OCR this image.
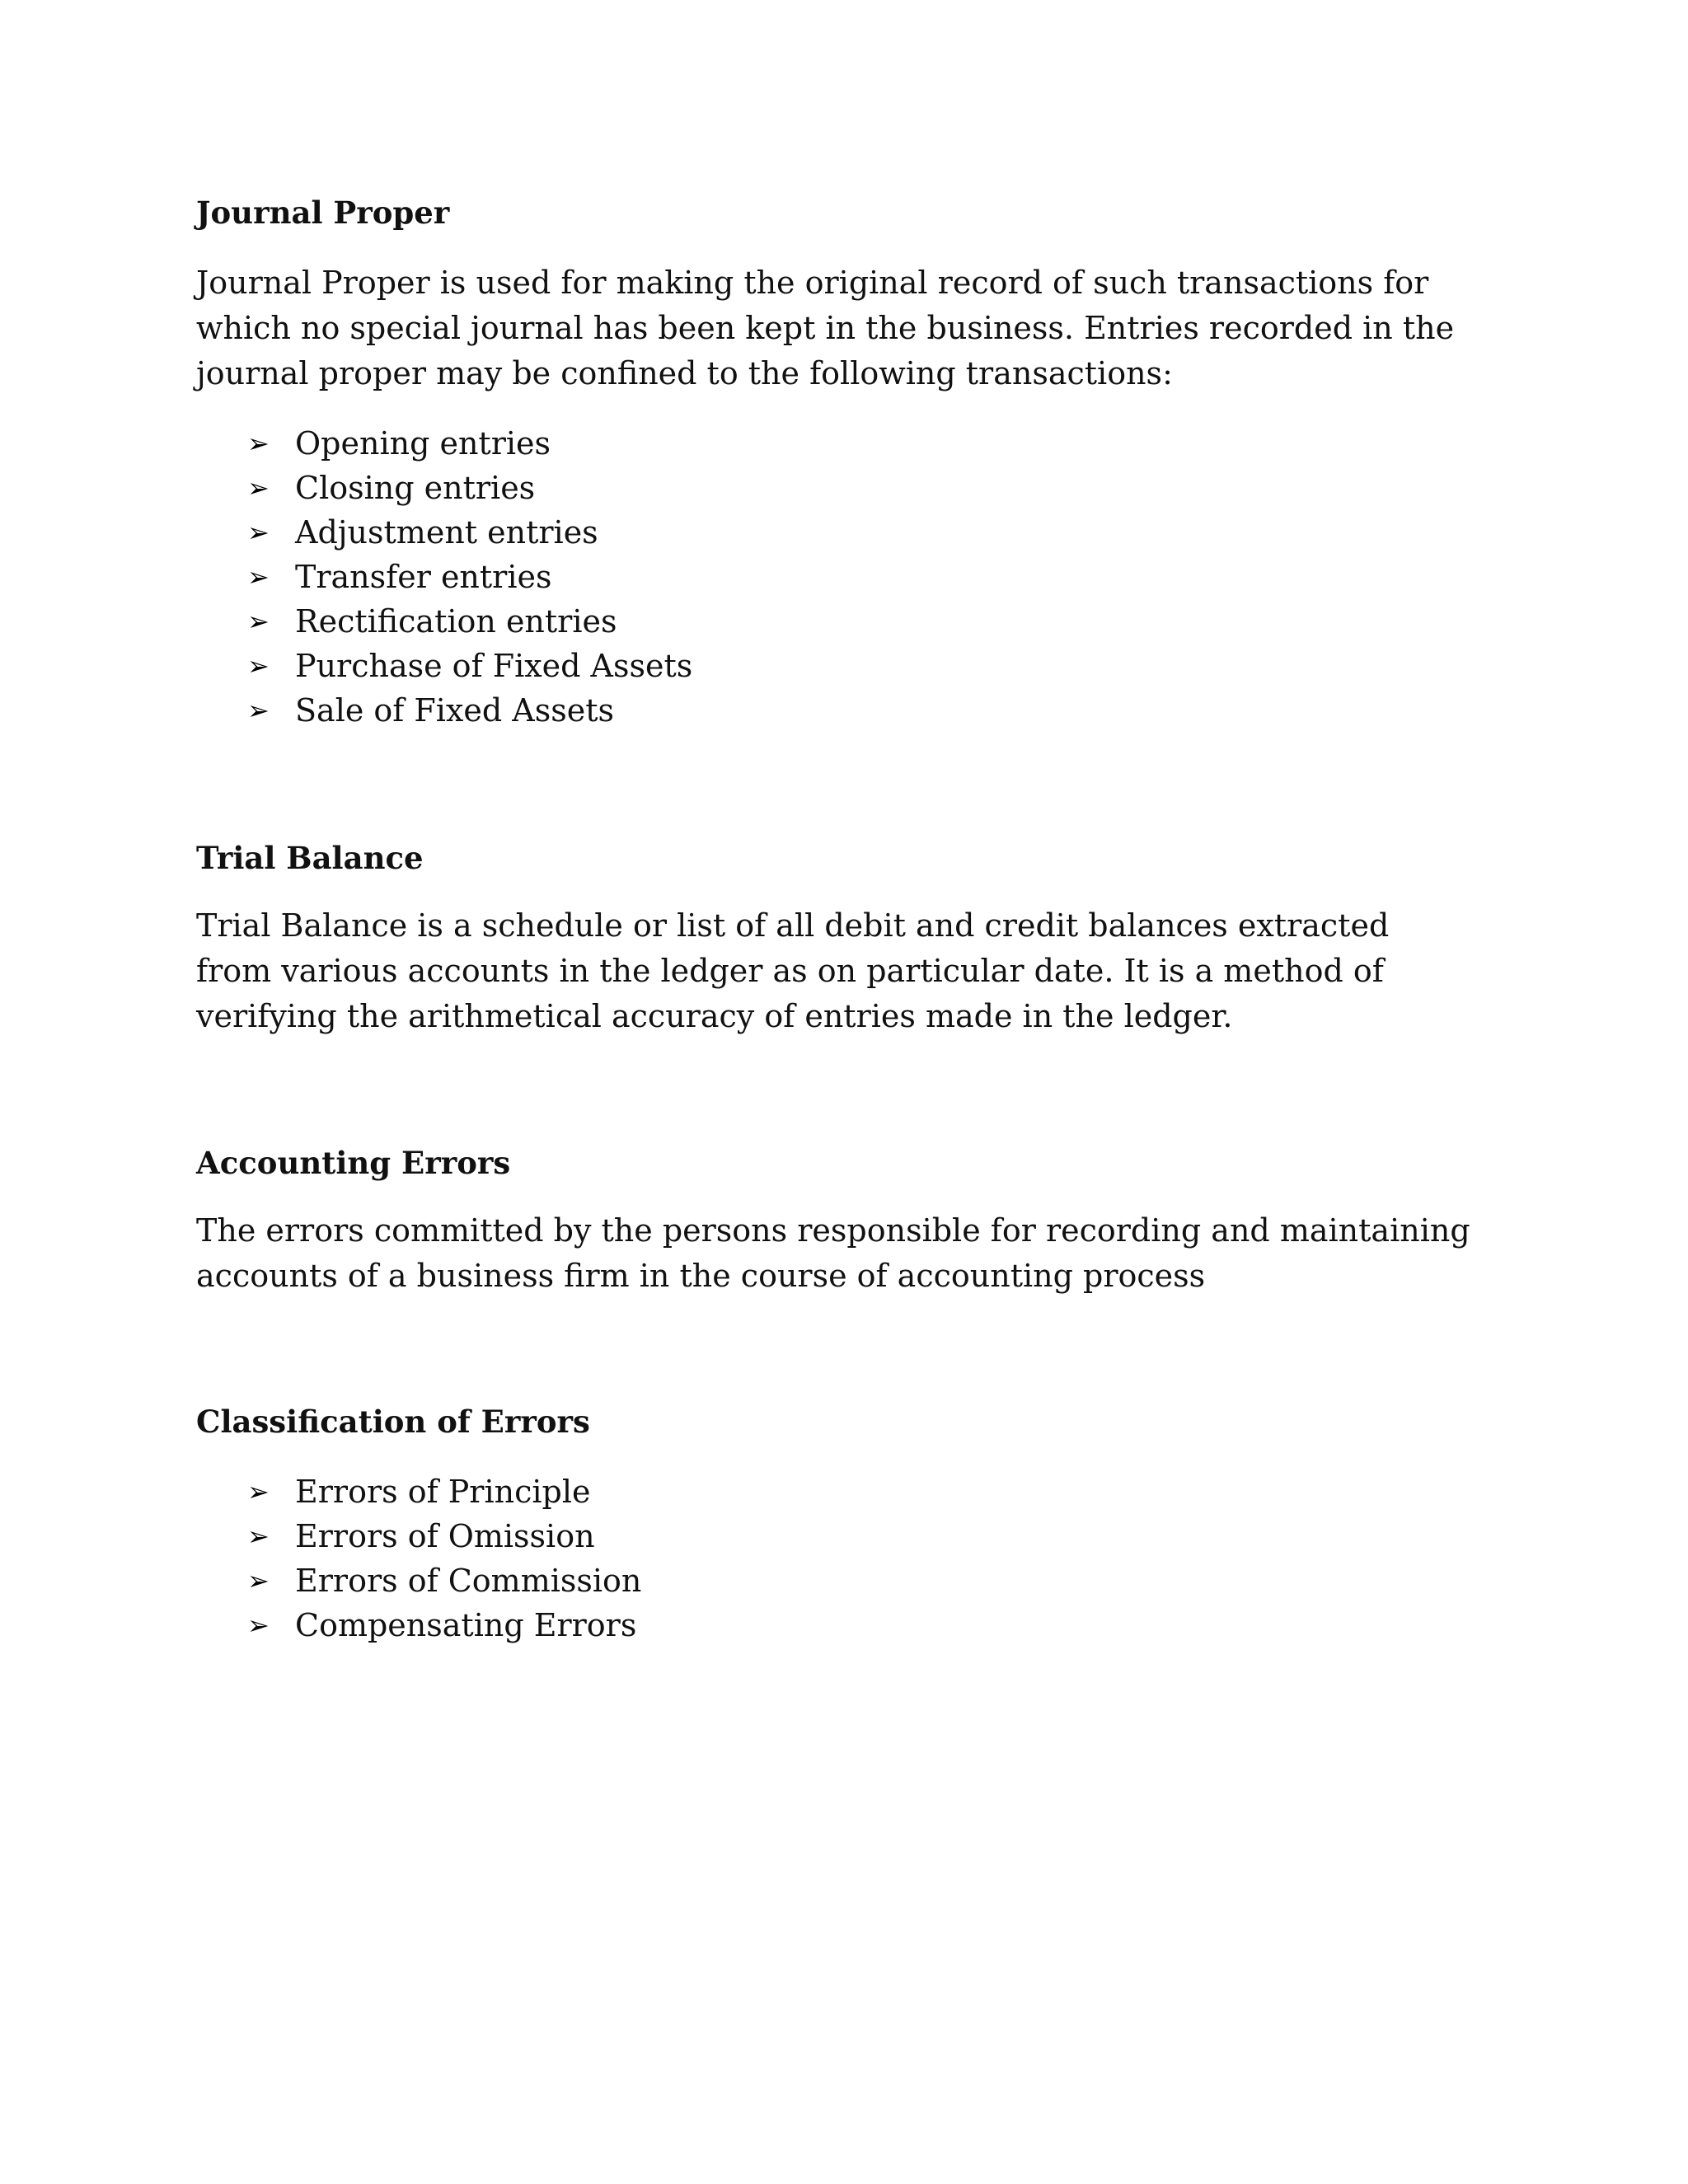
Journal Proper

Journal Proper is used for making the original record of such transactions for
which no special journal has been kept in the business. Entries recorded in the
journal proper may be confined to the following transactions:

➢ Opening entries
➢ Closing entries
➢ Adjustment entries
➢ Transfer entries
➢ Rectification entries
➢ Purchase of Fixed Assets
➢ Sale of Fixed Assets
Trial Balance

Trial Balance is a schedule or list of all debit and credit balances extracted
from various accounts in the ledger as on particular date. It is a method of
verifying the arithmetical accuracy of entries made in the ledger.

Accounting Errors

The errors committed by the persons responsible for recording and maintaining
accounts of a business firm in the course of accounting process

Classification of Errors
➢ Errors of Principle
➢ Errors of Omission
➢ Errors of Commission
➢ Compensating Errors
